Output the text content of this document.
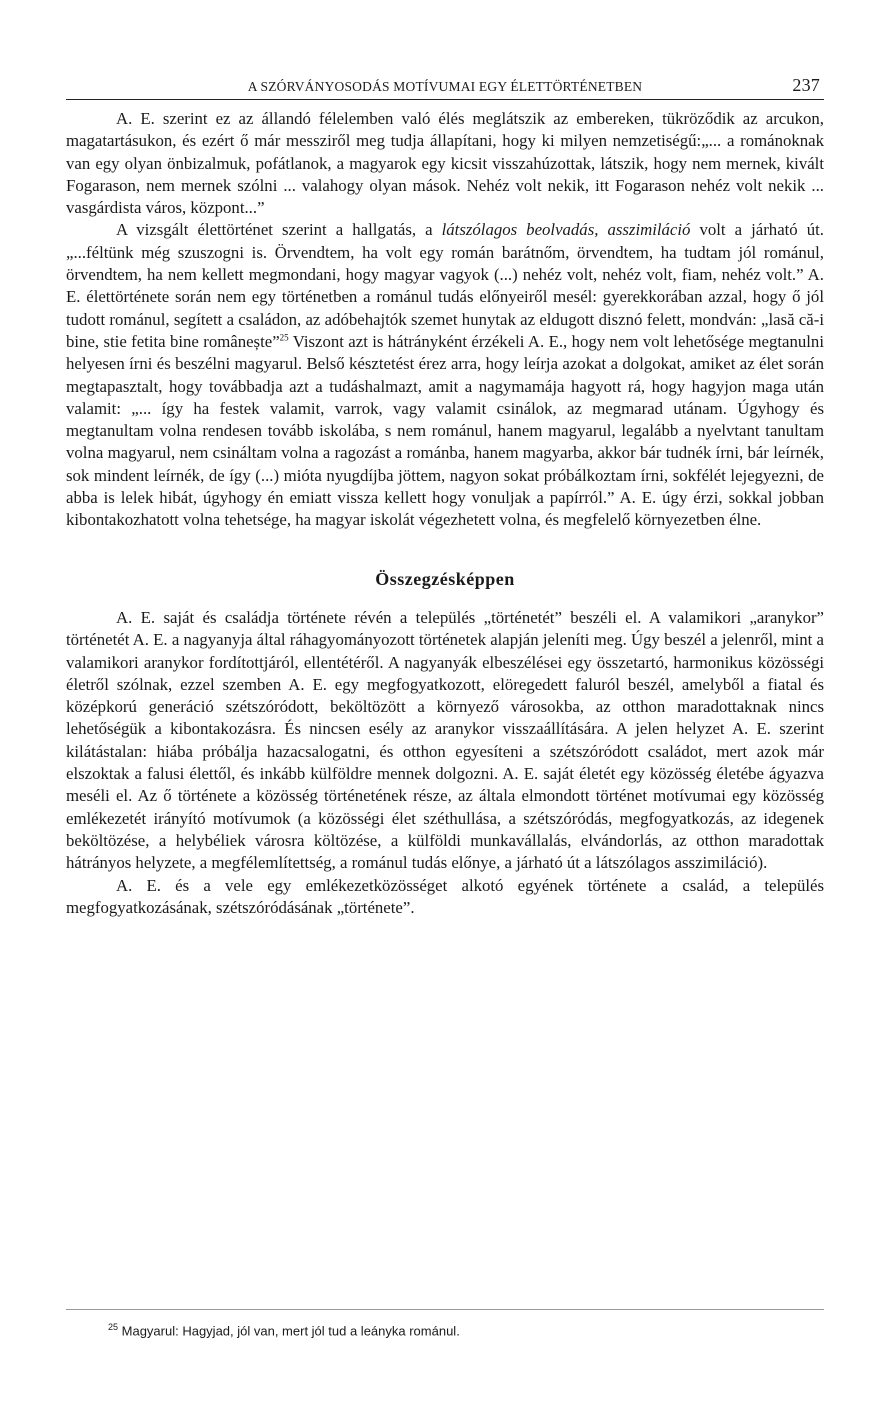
A SZÓRVÁNYOSODÁS MOTÍVUMAI EGY ÉLETTÖRTÉNETBEN	237

A. E. szerint ez az állandó félelemben való élés meglátszik az embereken, tükröződik az arcukon, magatartásukon, és ezért ő már messziről meg tudja állapítani, hogy ki milyen nemzetiségű:„... a románoknak van egy olyan önbizalmuk, pofátlanok, a magyarok egy kicsit visszahúzottak, látszik, hogy nem mernek, kivált Fogarason, nem mernek szólni ... valahogy olyan mások. Nehéz volt nekik, itt Fogarason nehéz volt nekik ... vasgárdista város, központ...”

A vizsgált élettörténet szerint a hallgatás, a látszólagos beolvadás, asszimiláció volt a járható út. „...féltünk még szuszogni is. Örvendtem, ha volt egy román barátnőm, örvendtem, ha tudtam jól románul, örvendtem, ha nem kellett megmondani, hogy magyar vagyok (...) nehéz volt, nehéz volt, fiam, nehéz volt.” A. E. élettörténete során nem egy történetben a románul tudás előnyeiről mesél: gyerekkorában azzal, hogy ő jól tudott románul, segített a családon, az adóbehajtók szemet hunytak az eldugott disznó felett, mondván: „lasă că-i bine, stie fetita bine românește”$^{25}$ Viszont azt is hátrányként érzékeli A. E., hogy nem volt lehetősége megtanulni helyesen írni és beszélni magyarul. Belső késztetést érez arra, hogy leírja azokat a dolgokat, amiket az élet során megtapasztalt, hogy továbbadja azt a tudáshalmazt, amit a nagymamája hagyott rá, hogy hagyjon maga után valamit: „... így ha festek valamit, varrok, vagy valamit csinálok, az megmarad utánam. Úgyhogy és megtanultam volna rendesen tovább iskolába, s nem románul, hanem magyarul, legalább a nyelvtant tanultam volna magyarul, nem csináltam volna a ragozást a románba, hanem magyarba, akkor bár tudnék írni, bár leírnék, sok mindent leírnék, de így (...) mióta nyugdíjba jöttem, nagyon sokat próbálkoztam írni, sokfélét lejegyezni, de abba is lelek hibát, úgyhogy én emiatt vissza kellett hogy vonuljak a papírról.” A. E. úgy érzi, sokkal jobban kibontakozhatott volna tehetsége, ha magyar iskolát végezhetett volna, és megfelelő környezetben élne.

Összegzésképpen

A. E. saját és családja története révén a település „történetét” beszéli el. A valamikori „aranykor” történetét A. E. a nagyanyja által ráhagyományozott történetek alapján jeleníti meg. Úgy beszél a jelenről, mint a valamikori aranykor fordítottjáról, ellentétéről. A nagyanyák elbeszélései egy összetartó, harmonikus közösségi életről szólnak, ezzel szemben A. E. egy megfogyatkozott, elöregedett faluról beszél, amelyből a fiatal és középkorú generáció szétszóródott, beköltözött a környező városokba, az otthon maradottaknak nincs lehetőségük a kibontakozásra. És nincsen esély az aranykor visszaállítására. A jelen helyzet A. E. szerint kilátástalan: hiába próbálja hazacsalogatni, és otthon egyesíteni a szétszóródott családot, mert azok már elszoktak a falusi élettől, és inkább külföldre mennek dolgozni. A. E. saját életét egy közösség életébe ágyazva meséli el. Az ő története a közösség történetének része, az általa elmondott történet motívumai egy közösség emlékezetét irányító motívumok (a közösségi élet széthullása, a szétszóródás, megfogyatkozás, az idegenek beköltözése, a helybéliek városra költözése, a külföldi munkavállalás, elvándorlás, az otthon maradottak hátrányos helyzete, a megfélemlítettség, a románul tudás előnye, a járható út a látszólagos asszimiláció).

A. E. és a vele egy emlékezetközösséget alkotó egyének története a család, a település megfogyatkozásának, szétszóródásának „története”.

$^{25}$ Magyarul: Hagyjad, jól van, mert jól tud a leányka románul.
